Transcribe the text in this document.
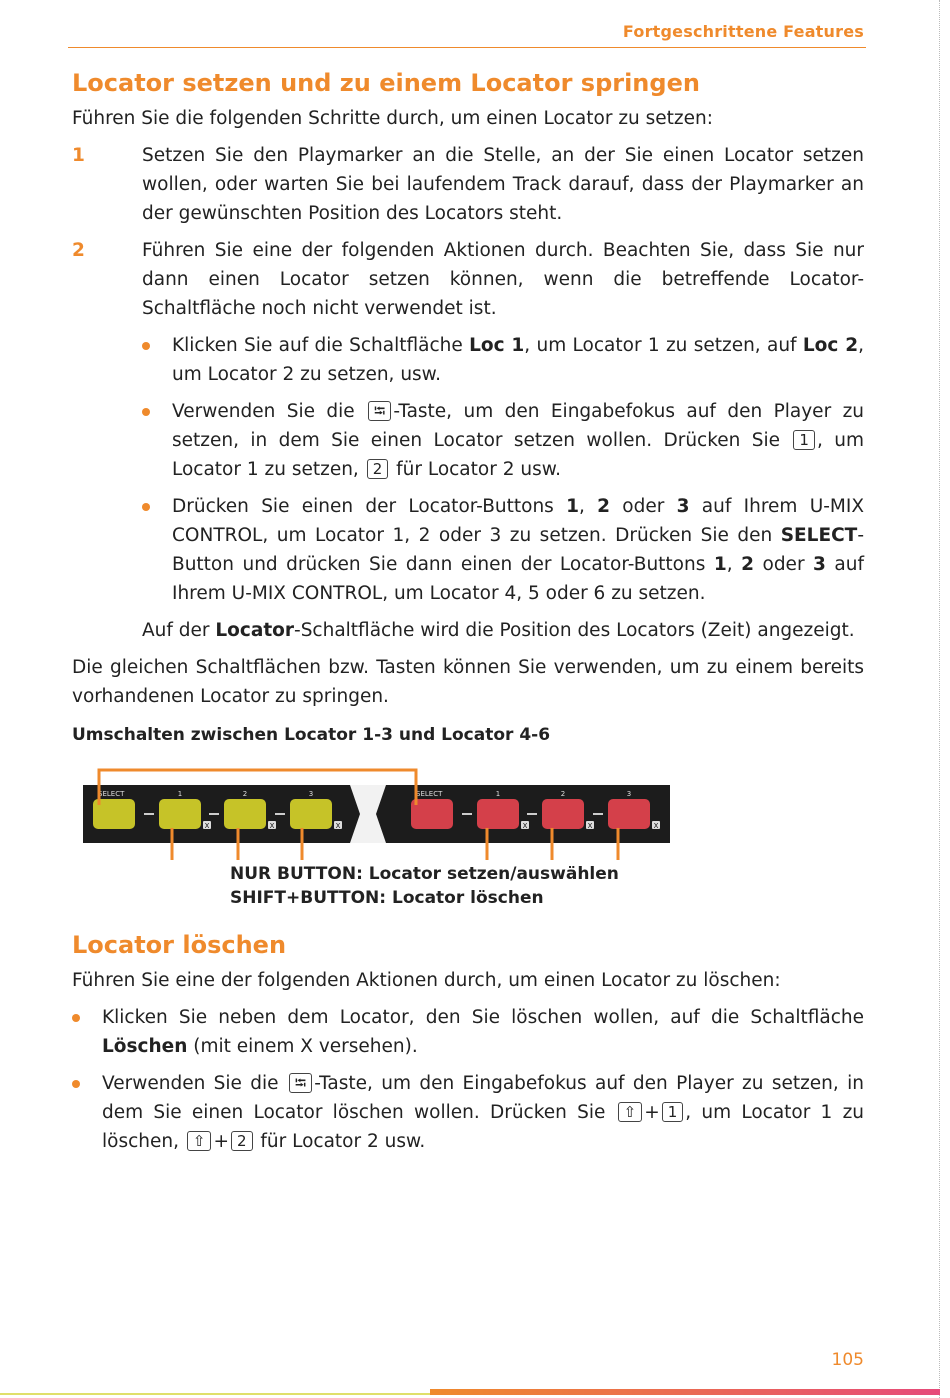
Fortgeschrittene Features
Locator setzen und zu einem Locator springen

Führen Sie die folgenden Schritte durch, um einen Locator zu setzen:

1	Setzen Sie den Playmarker an die Stelle, an der Sie einen Locator setzen wollen, oder warten Sie bei laufendem Track darauf, dass der Playmarker an der gewünschten Position des Locators steht.
2	Führen Sie eine der folgenden Aktionen durch. Beachten Sie, dass Sie nur dann einen Locator setzen können, wenn die betreffende Locator-Schaltfläche noch nicht verwendet ist.

Klicken Sie auf die Schaltfläche Loc 1, um Locator 1 zu setzen, auf Loc 2, um Locator 2 zu setzen, usw.
Verwenden Sie die ⭾ -Taste, um den Eingabefokus auf den Player zu setzen, in dem Sie einen Locator setzen wollen. Drücken Sie 1 , um Locator 1 zu setzen, 2 für Locator 2 usw.
Drücken Sie einen der Locator-Buttons 1, 2 oder 3 auf Ihrem U-MIX CONTROL, um Locator 1, 2 oder 3 zu setzen. Drücken Sie den SELECT-Button und drücken Sie dann einen der Locator-Buttons 1, 2 oder 3 auf Ihrem U-MIX CONTROL, um Locator 4, 5 oder 6 zu setzen.

Auf der Locator-Schaltfläche wird die Position des Locators (Zeit) angezeigt.

Die gleichen Schaltflächen bzw. Tasten können Sie verwenden, um zu einem bereits vorhandenen Locator zu springen.

Umschalten zwischen Locator 1-3 und Locator 4-6
SELECT	1
X
2
X
3
X
SELECT	1
X
2
X
3
X
NUR BUTTON: Locator setzen/auswählen
SHIFT+BUTTON: Locator löschen
Locator löschen

Führen Sie eine der folgenden Aktionen durch, um einen Locator zu löschen:

Klicken Sie neben dem Locator, den Sie löschen wollen, auf die Schaltfläche Löschen (mit einem X versehen).
Verwenden Sie die ⭾ -Taste, um den Eingabefokus auf den Player zu setzen, in dem Sie einen Locator löschen wollen. Drücken Sie ⇧ + 1 , um Locator 1 zu löschen, ⇧ + 2 für Locator 2 usw.
105
